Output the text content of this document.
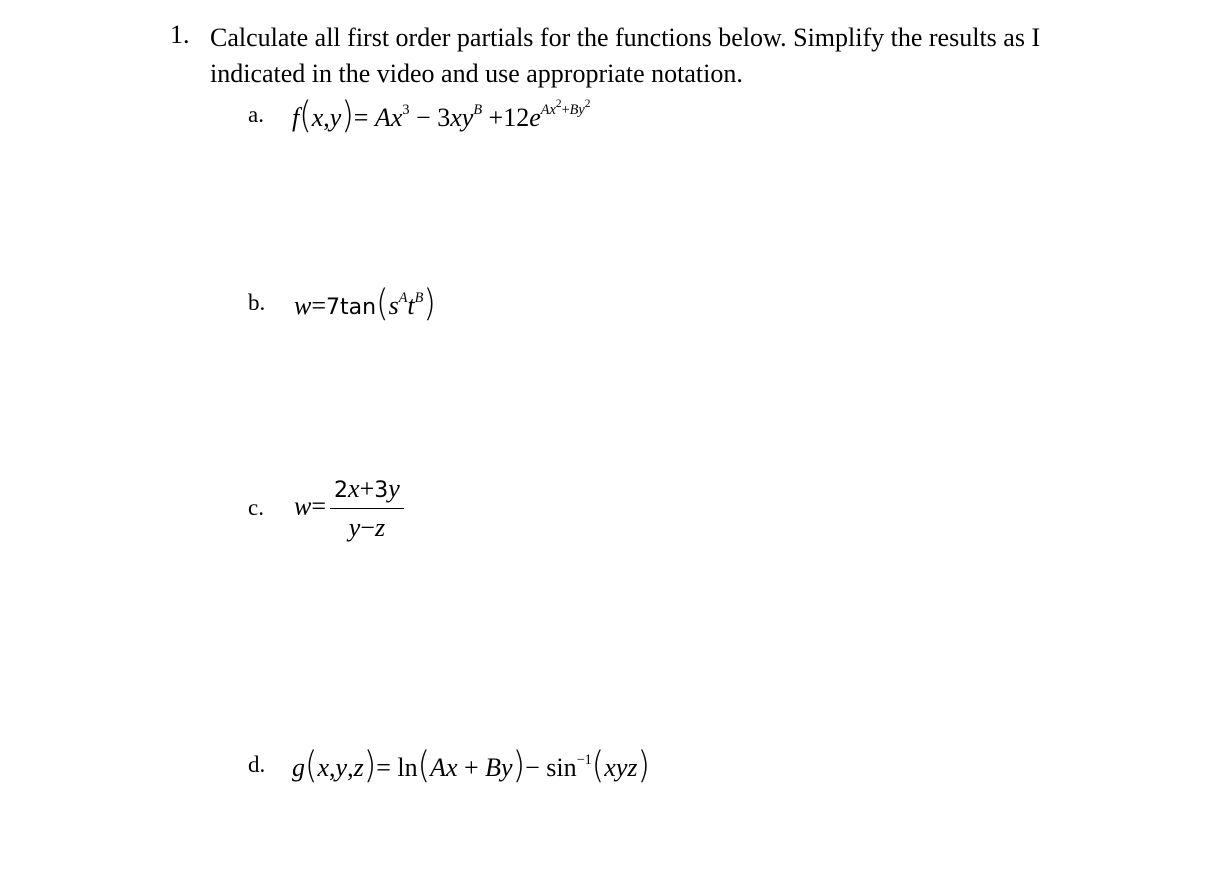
1. Calculate all first order partials for the functions below. Simplify the results as I
indicated in the video and use appropriate notation.
a. $f(x,y)= Ax^3 - 3xy^B +12e^{Ax^2+By^2}$
b. $w=7\tan(s^At^B)$
c. $w= \frac{2x+3y}{y-z}$
d. $g(x,y,z)= \ln(Ax + By)- \sin^{-1}(xyz)$
